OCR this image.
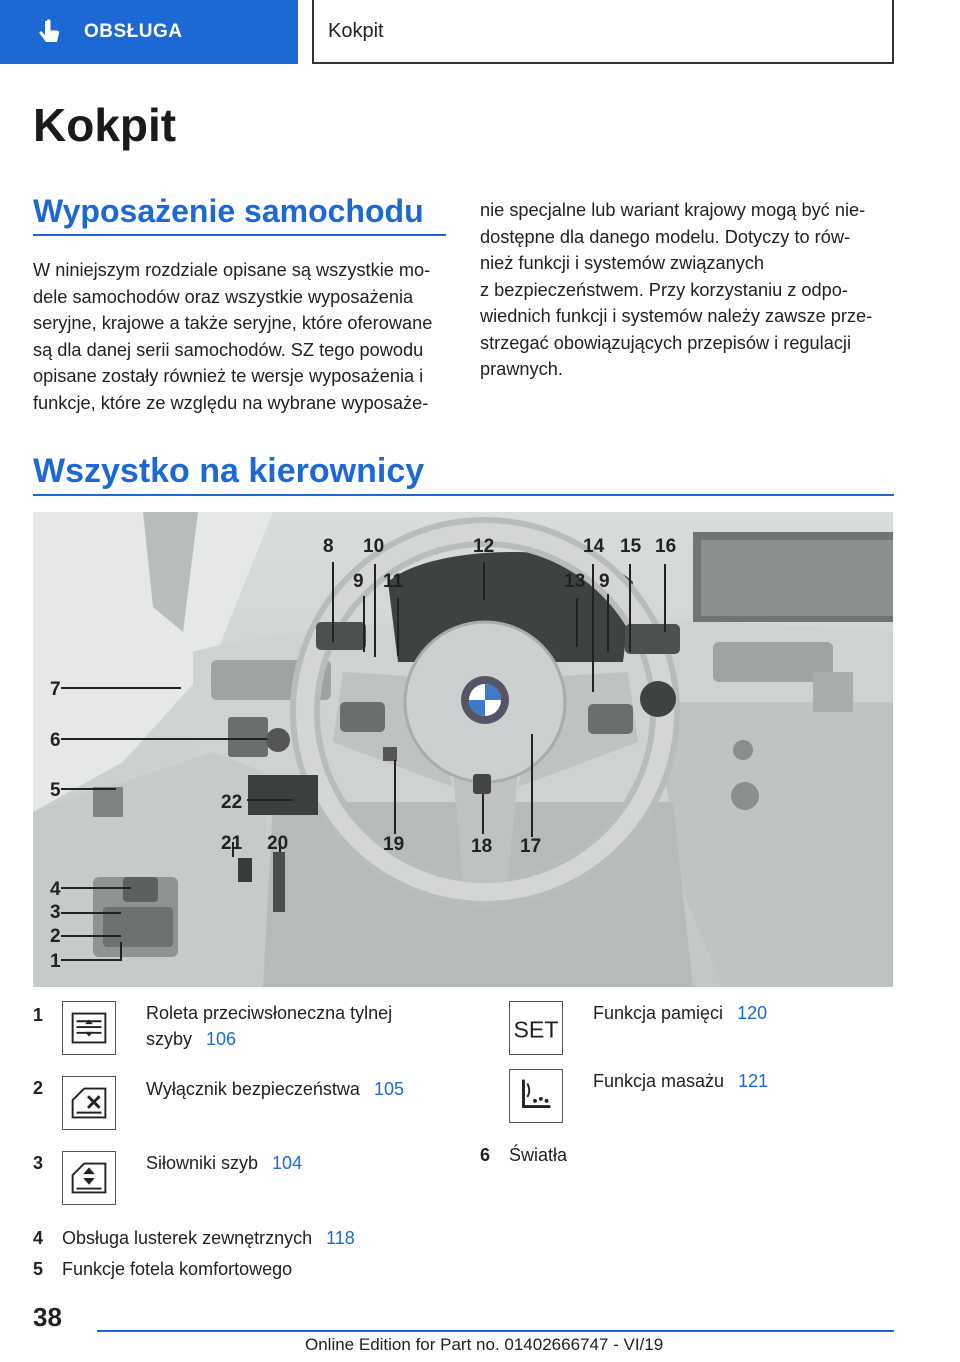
OBSŁUGA	Kokpit
Kokpit
Wyposażenie samochodu

W niniejszym rozdziale opisane są wszystkie mo-
dele samochodów oraz wszystkie wyposażenia
seryjne, krajowe a także seryjne, które oferowane
są dla danej serii samochodów. SZ tego powodu
opisane zostały również te wersje wyposażenia i
funkcje, które ze względu na wybrane wyposaże-

nie specjalne lub wariant krajowy mogą być nie-
dostępne dla danego modelu. Dotyczy to rów-
nież funkcji i systemów związanych
z bezpieczeństwem. Przy korzystaniu z odpo-
wiednich funkcji i systemów należy zawsze prze-
strzegać obowiązujących przepisów i regulacji
prawnych.

Wszystko na kierownicy
7
6
5
4
3
2
1
8
9
10
11
12
13
14 15 16
9
17
18
19
20
21
22
1	Roleta przeciwsłoneczna tylnej szyby 106
2	Wyłącznik bezpieczeństwa 105
3	Siłowniki szyb 104
4 Obsługa lusterek zewnętrznych 118
5 Funkcje fotela komfortowego
SET
Funkcja pamięci 120
Funkcja masażu 121
6 Światła
38
Online Edition for Part no. 01402666747 - VI/19
